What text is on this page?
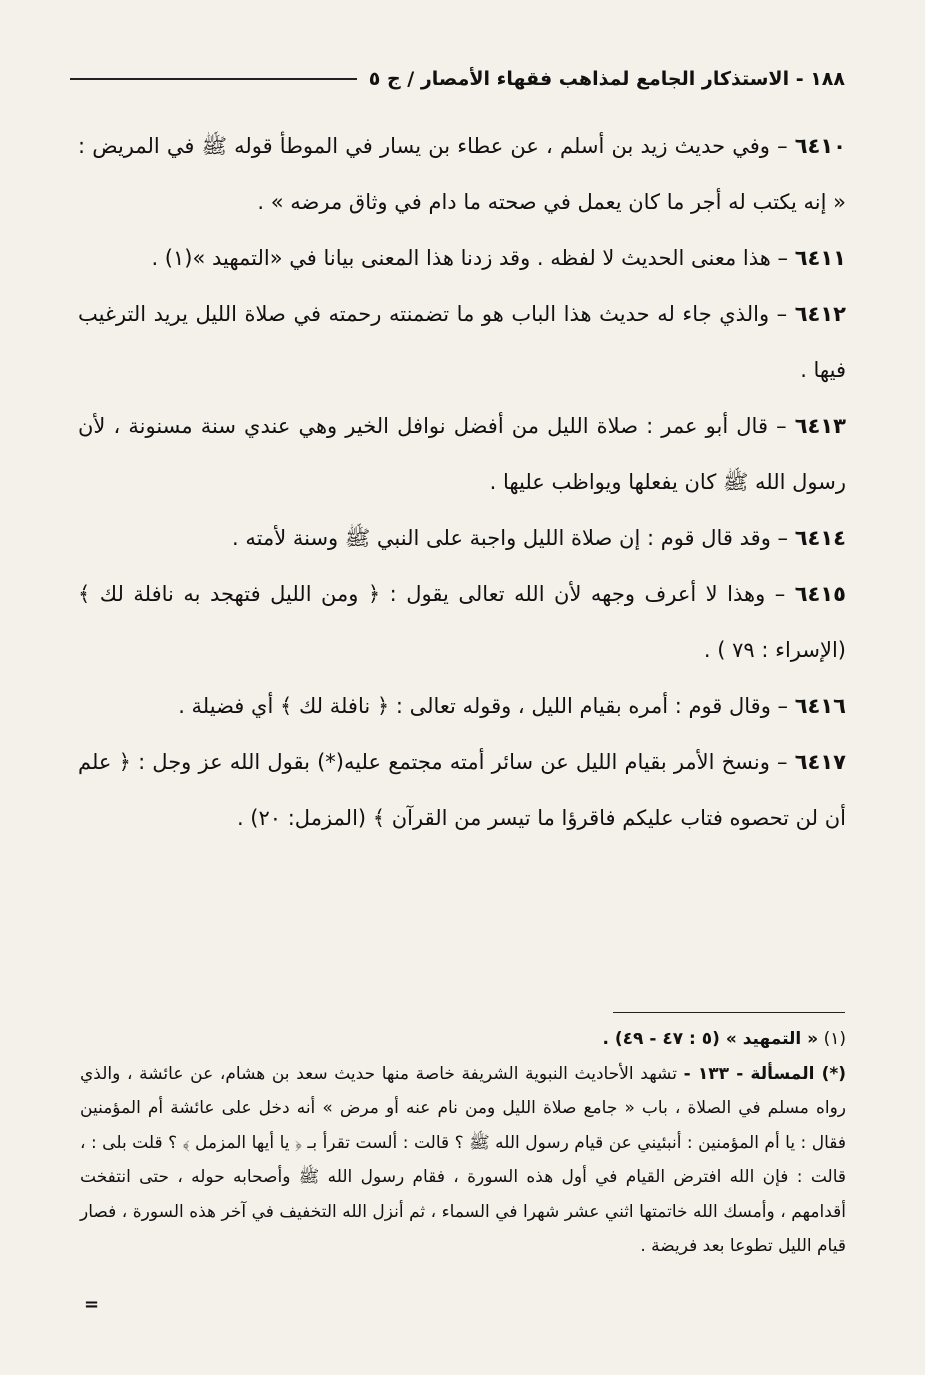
١٨٨ - الاستذكار الجامع لمذاهب فقهاء الأمصار / ج ٥

٦٤١٠ – وفي حديث زيد بن أسلم ، عن عطاء بن يسار في الموطأ قوله ﷺ في المريض : « إنه يكتب له أجر ما كان يعمل في صحته ما دام في وثاق مرضه » .

٦٤١١ – هذا معنى الحديث لا لفظه . وقد زدنا هذا المعنى بيانا في «التمهيد »(١) .

٦٤١٢ – والذي جاء له حديث هذا الباب هو ما تضمنته رحمته في صلاة الليل يريد الترغيب فيها .

٦٤١٣ – قال أبو عمر : صلاة الليل من أفضل نوافل الخير وهي عندي سنة مسنونة ، لأن رسول الله ﷺ كان يفعلها ويواظب عليها .

٦٤١٤ – وقد قال قوم : إن صلاة الليل واجبة على النبي ﷺ وسنة لأمته .

٦٤١٥ – وهذا لا أعرف وجهه لأن الله تعالى يقول : ﴿ ومن الليل فتهجد به نافلة لك ﴾ (الإسراء : ٧٩ ) .

٦٤١٦ – وقال قوم : أمره بقيام الليل ، وقوله تعالى : ﴿ نافلة لك ﴾ أي فضيلة .

٦٤١٧ – ونسخ الأمر بقيام الليل عن سائر أمته مجتمع عليه(*) بقول الله عز وجل : ﴿ علم أن لن تحصوه فتاب عليكم فاقرؤا ما تيسر من القرآن ﴾ (المزمل: ٢٠) .

(١) « التمهيد » (٥ : ٤٧ - ٤٩) .

(*) المسألة - ١٣٣ - تشهد الأحاديث النبوية الشريفة خاصة منها حديث سعد بن هشام، عن عائشة ، والذي رواه مسلم في الصلاة ، باب « جامع صلاة الليل ومن نام عنه أو مرض » أنه دخل على عائشة أم المؤمنين فقال : يا أم المؤمنين : أنبئيني عن قيام رسول الله ﷺ ؟ قالت : ألست تقرأ بـ ﴿ يا أيها المزمل ﴾ ؟ قلت بلى : ، قالت : فإن الله افترض القيام في أول هذه السورة ، فقام رسول الله ﷺ وأصحابه حوله ، حتى انتفخت أقدامهم ، وأمسك الله خاتمتها اثني عشر شهرا في السماء ، ثم أنزل الله التخفيف في آخر هذه السورة ، فصار قيام الليل تطوعا بعد فريضة .

=
